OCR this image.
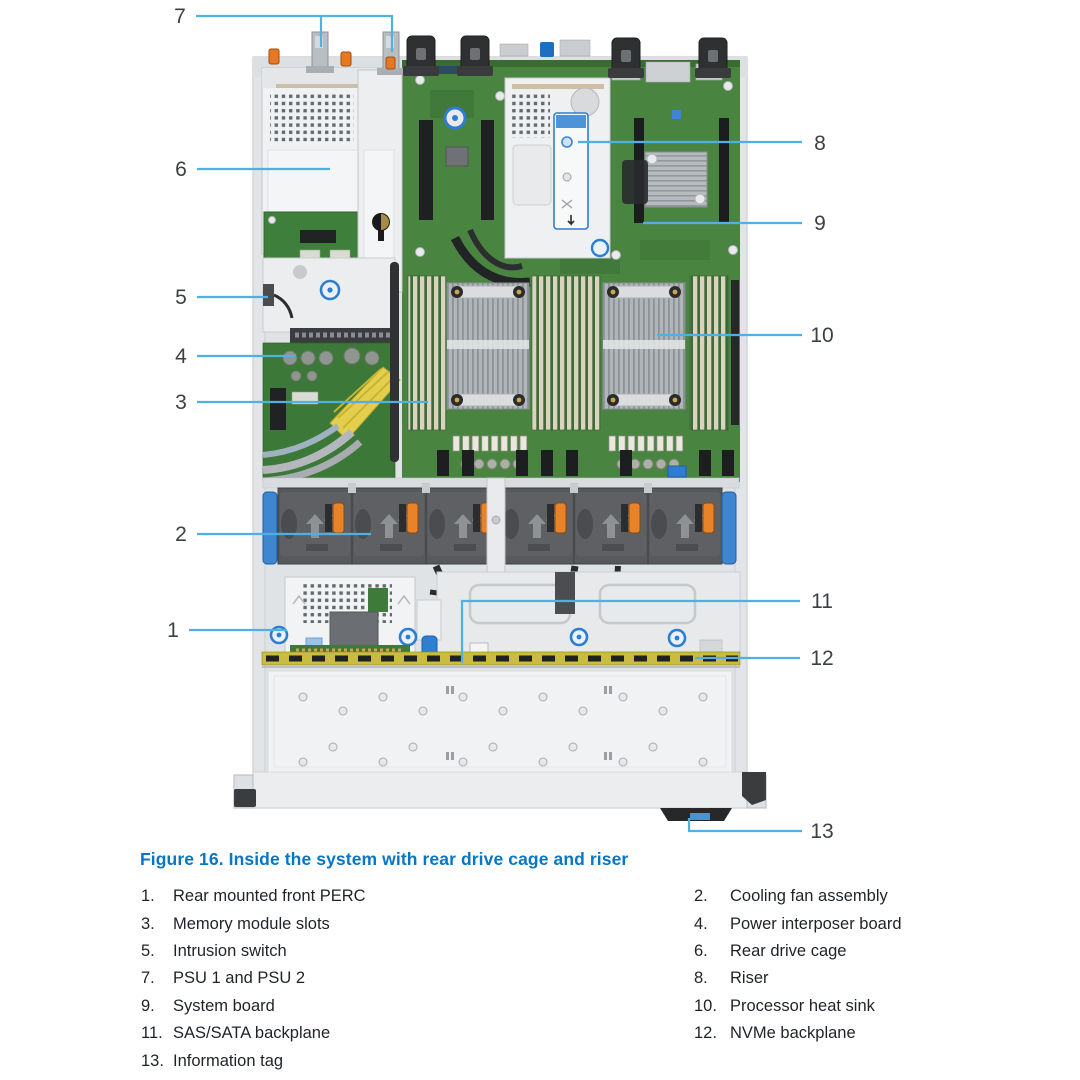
1
2
3
4
5
6
7
8
9
10
11
12
13
Figure 16. Inside the system with rear drive cage and riser
1.	Rear mounted front PERC
3.	Memory module slots
5.	Intrusion switch
7.	PSU 1 and PSU 2
9.	System board
11. SAS/SATA backplane
13. Information tag
2.	Cooling fan assembly
4.	Power interposer board
6.	Rear drive cage
8.	Riser
10. Processor heat sink
12. NVMe backplane
